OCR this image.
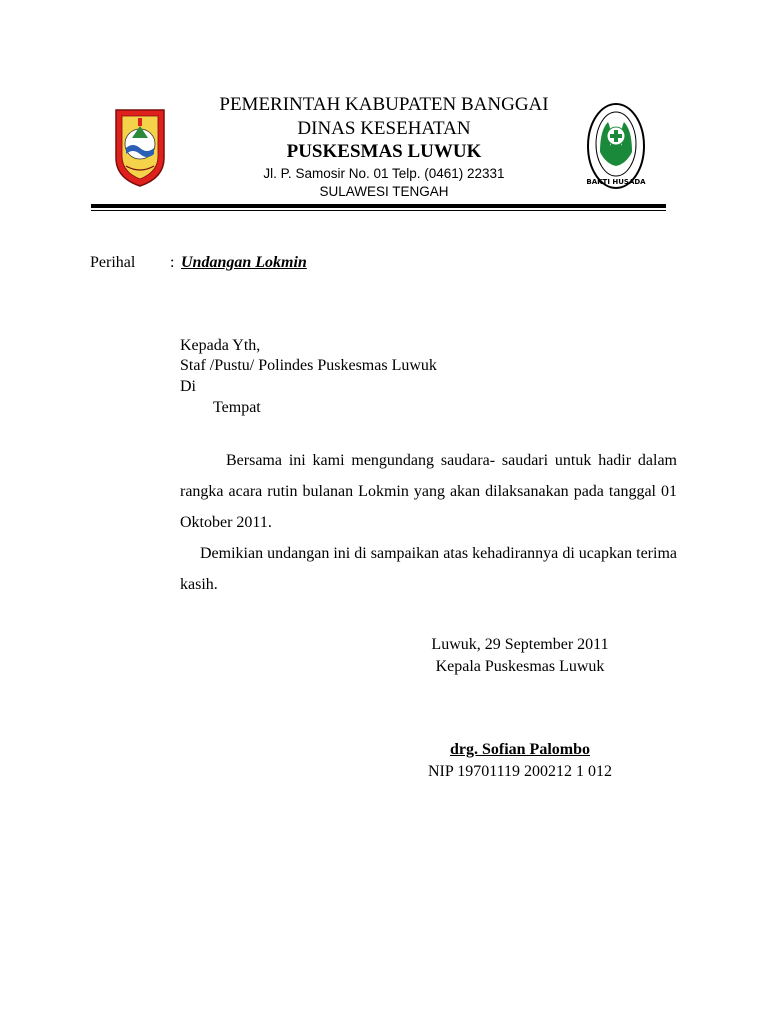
BAKTI HUSADA
PEMERINTAH KABUPATEN BANGGAI
DINAS KESEHATAN
PUSKESMAS LUWUK
Jl. P. Samosir No. 01 Telp. (0461) 22331
SULAWESI TENGAH
Perihal : Undangan Lokmin
Kepada Yth,
Staf /Pustu/ Polindes Puskesmas Luwuk
Di
Tempat
Bersama ini kami mengundang saudara- saudari untuk hadir dalam rangka acara rutin bulanan Lokmin yang akan dilaksanakan pada tanggal 01 Oktober 2011.
Demikian undangan ini di sampaikan atas kehadirannya di ucapkan terima kasih.
Luwuk, 29 September 2011
Kepala Puskesmas Luwuk
drg. Sofian Palombo
NIP 19701119 200212 1 012
